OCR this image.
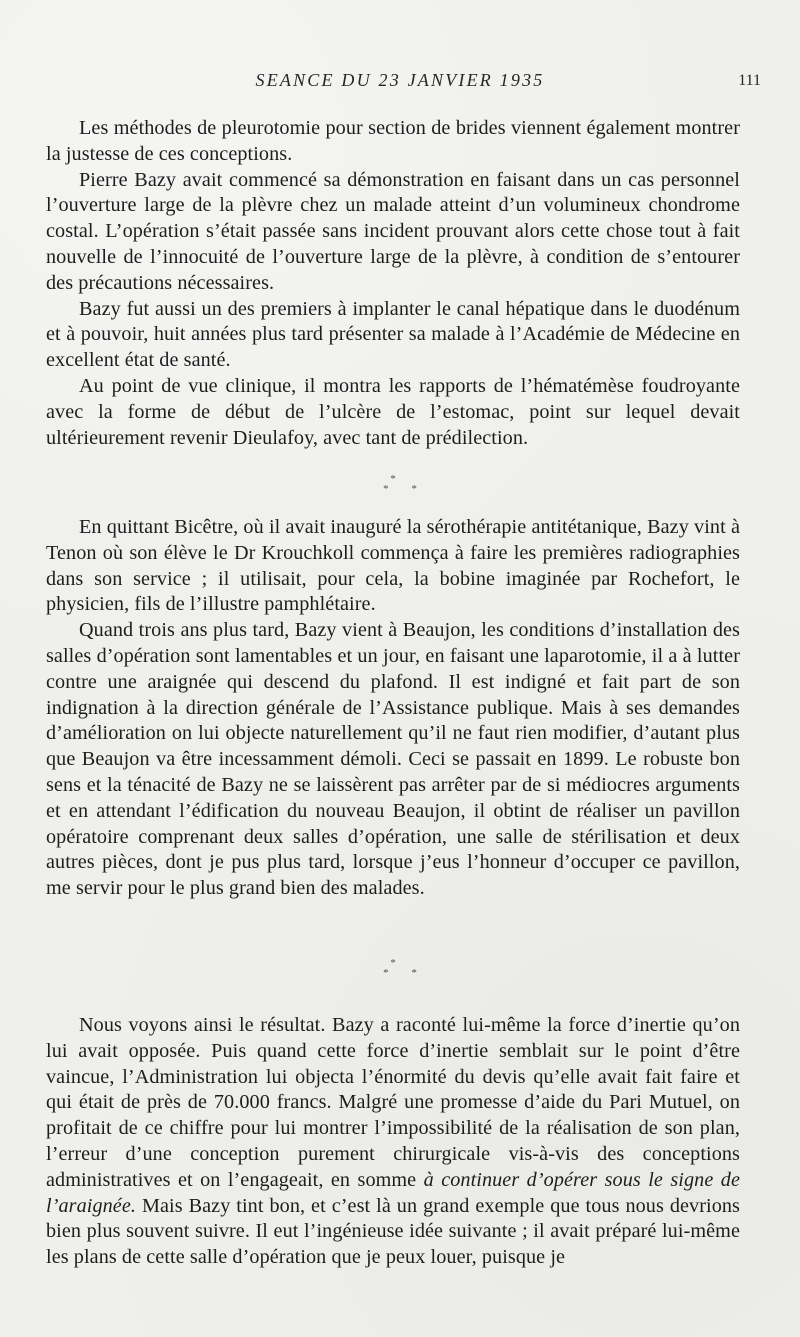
SEANCE DU 23 JANVIER 1935	111

Les méthodes de pleurotomie pour section de brides viennent également montrer la justesse de ces conceptions.

Pierre Bazy avait commencé sa démonstration en faisant dans un cas personnel l’ouverture large de la plèvre chez un malade atteint d’un volumineux chondrome costal. L’opération s’était passée sans incident prouvant alors cette chose tout à fait nouvelle de l’innocuité de l’ouverture large de la plèvre, à condition de s’entourer des précautions nécessaires.

Bazy fut aussi un des premiers à implanter le canal hépatique dans le duodénum et à pouvoir, huit années plus tard présenter sa malade à l’Académie de Médecine en excellent état de santé.

Au point de vue clinique, il montra les rapports de l’hématémèse foudroyante avec la forme de début de l’ulcère de l’estomac, point sur lequel devait ultérieurement revenir Dieulafoy, avec tant de prédilection.

*
* *

En quittant Bicêtre, où il avait inauguré la sérothérapie antitétanique, Bazy vint à Tenon où son élève le Dr Krouchkoll commença à faire les premières radiographies dans son service ; il utilisait, pour cela, la bobine imaginée par Rochefort, le physicien, fils de l’illustre pamphlétaire.

Quand trois ans plus tard, Bazy vient à Beaujon, les conditions d’installation des salles d’opération sont lamentables et un jour, en faisant une laparotomie, il a à lutter contre une araignée qui descend du plafond. Il est indigné et fait part de son indignation à la direction générale de l’Assistance publique. Mais à ses demandes d’amélioration on lui objecte naturellement qu’il ne faut rien modifier, d’autant plus que Beaujon va être incessamment démoli. Ceci se passait en 1899. Le robuste bon sens et la ténacité de Bazy ne se laissèrent pas arrêter par de si médiocres arguments et en attendant l’édification du nouveau Beaujon, il obtint de réaliser un pavillon opératoire comprenant deux salles d’opération, une salle de stérilisation et deux autres pièces, dont je pus plus tard, lorsque j’eus l’honneur d’occuper ce pavillon, me servir pour le plus grand bien des malades.

*
* *

Nous voyons ainsi le résultat. Bazy a raconté lui-même la force d’inertie qu’on lui avait opposée. Puis quand cette force d’inertie semblait sur le point d’être vaincue, l’Administration lui objecta l’énormité du devis qu’elle avait fait faire et qui était de près de 70.000 francs. Malgré une promesse d’aide du Pari Mutuel, on profitait de ce chiffre pour lui montrer l’impossibilité de la réalisation de son plan, l’erreur d’une conception purement chirurgicale vis-à-vis des conceptions administratives et on l’engageait, en somme à continuer d’opérer sous le signe de l’araignée. Mais Bazy tint bon, et c’est là un grand exemple que tous nous devrions bien plus souvent suivre. Il eut l’ingénieuse idée suivante ; il avait préparé lui-même les plans de cette salle d’opération que je peux louer, puisque je
